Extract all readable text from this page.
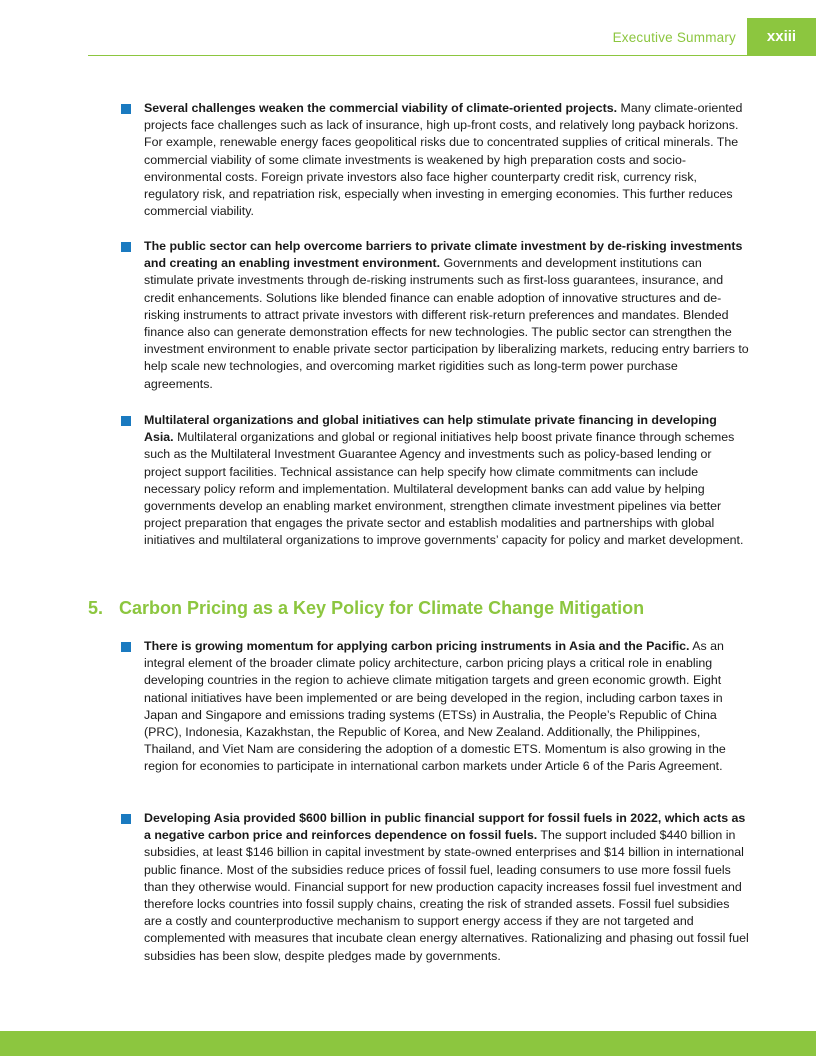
Executive Summary xxiii
Several challenges weaken the commercial viability of climate-oriented projects. Many climate-oriented projects face challenges such as lack of insurance, high up-front costs, and relatively long payback horizons. For example, renewable energy faces geopolitical risks due to concentrated supplies of critical minerals. The commercial viability of some climate investments is weakened by high preparation costs and socio-environmental costs. Foreign private investors also face higher counterparty credit risk, currency risk, regulatory risk, and repatriation risk, especially when investing in emerging economies. This further reduces commercial viability.
The public sector can help overcome barriers to private climate investment by de-risking investments and creating an enabling investment environment. Governments and development institutions can stimulate private investments through de-risking instruments such as first-loss guarantees, insurance, and credit enhancements. Solutions like blended finance can enable adoption of innovative structures and de-risking instruments to attract private investors with different risk-return preferences and mandates. Blended finance also can generate demonstration effects for new technologies. The public sector can strengthen the investment environment to enable private sector participation by liberalizing markets, reducing entry barriers to help scale new technologies, and overcoming market rigidities such as long-term power purchase agreements.
Multilateral organizations and global initiatives can help stimulate private financing in developing Asia. Multilateral organizations and global or regional initiatives help boost private finance through schemes such as the Multilateral Investment Guarantee Agency and investments such as policy-based lending or project support facilities. Technical assistance can help specify how climate commitments can include necessary policy reform and implementation. Multilateral development banks can add value by helping governments develop an enabling market environment, strengthen climate investment pipelines via better project preparation that engages the private sector and establish modalities and partnerships with global initiatives and multilateral organizations to improve governments’ capacity for policy and market development.
5. Carbon Pricing as a Key Policy for Climate Change Mitigation
There is growing momentum for applying carbon pricing instruments in Asia and the Pacific. As an integral element of the broader climate policy architecture, carbon pricing plays a critical role in enabling developing countries in the region to achieve climate mitigation targets and green economic growth. Eight national initiatives have been implemented or are being developed in the region, including carbon taxes in Japan and Singapore and emissions trading systems (ETSs) in Australia, the People’s Republic of China (PRC), Indonesia, Kazakhstan, the Republic of Korea, and New Zealand. Additionally, the Philippines, Thailand, and Viet Nam are considering the adoption of a domestic ETS. Momentum is also growing in the region for economies to participate in international carbon markets under Article 6 of the Paris Agreement.
Developing Asia provided $600 billion in public financial support for fossil fuels in 2022, which acts as a negative carbon price and reinforces dependence on fossil fuels. The support included $440 billion in subsidies, at least $146 billion in capital investment by state-owned enterprises and $14 billion in international public finance. Most of the subsidies reduce prices of fossil fuel, leading consumers to use more fossil fuels than they otherwise would. Financial support for new production capacity increases fossil fuel investment and therefore locks countries into fossil supply chains, creating the risk of stranded assets. Fossil fuel subsidies are a costly and counterproductive mechanism to support energy access if they are not targeted and complemented with measures that incubate clean energy alternatives. Rationalizing and phasing out fossil fuel subsidies has been slow, despite pledges made by governments.
